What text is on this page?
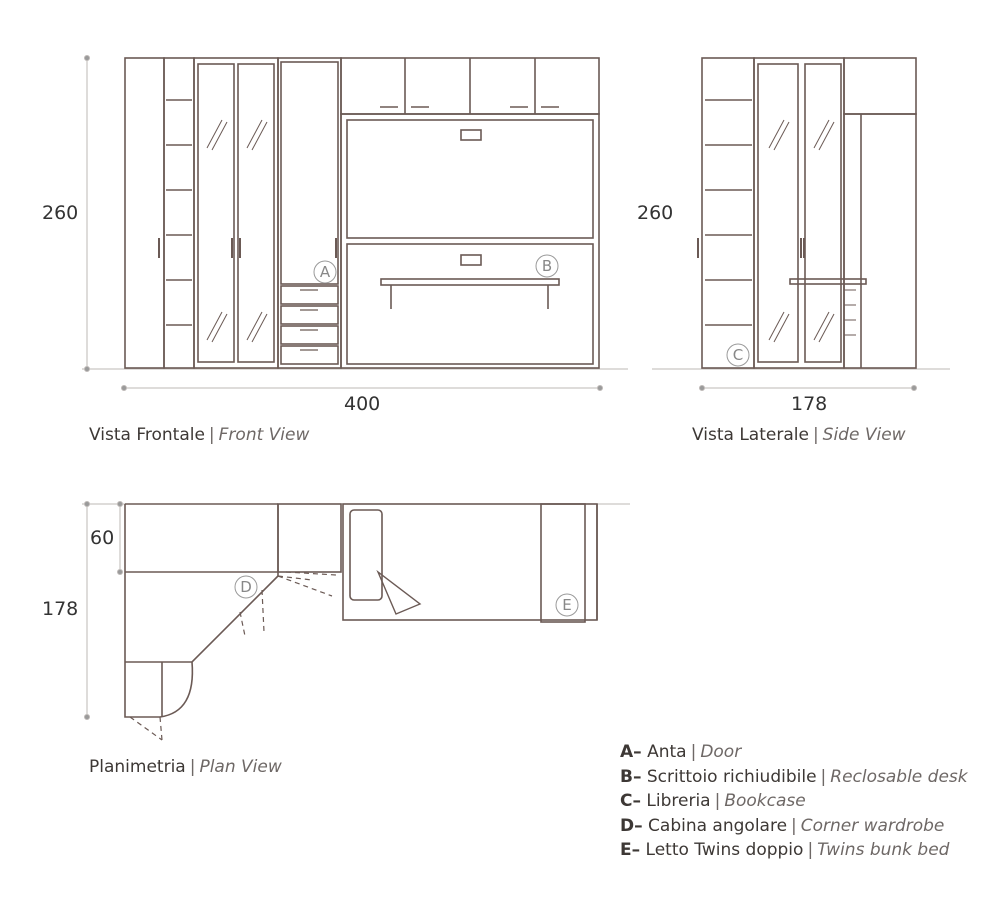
260
400
260
178
60
178
A	B
C
D
E
Vista Frontale | Front View	Vista Laterale | Side View
Planimetria | Plan View
A– Anta | Door
B– Scrittoio richiudibile | Reclosable desk
C– Libreria | Bookcase
D– Cabina angolare | Corner wardrobe
E– Letto Twins doppio | Twins bunk bed
